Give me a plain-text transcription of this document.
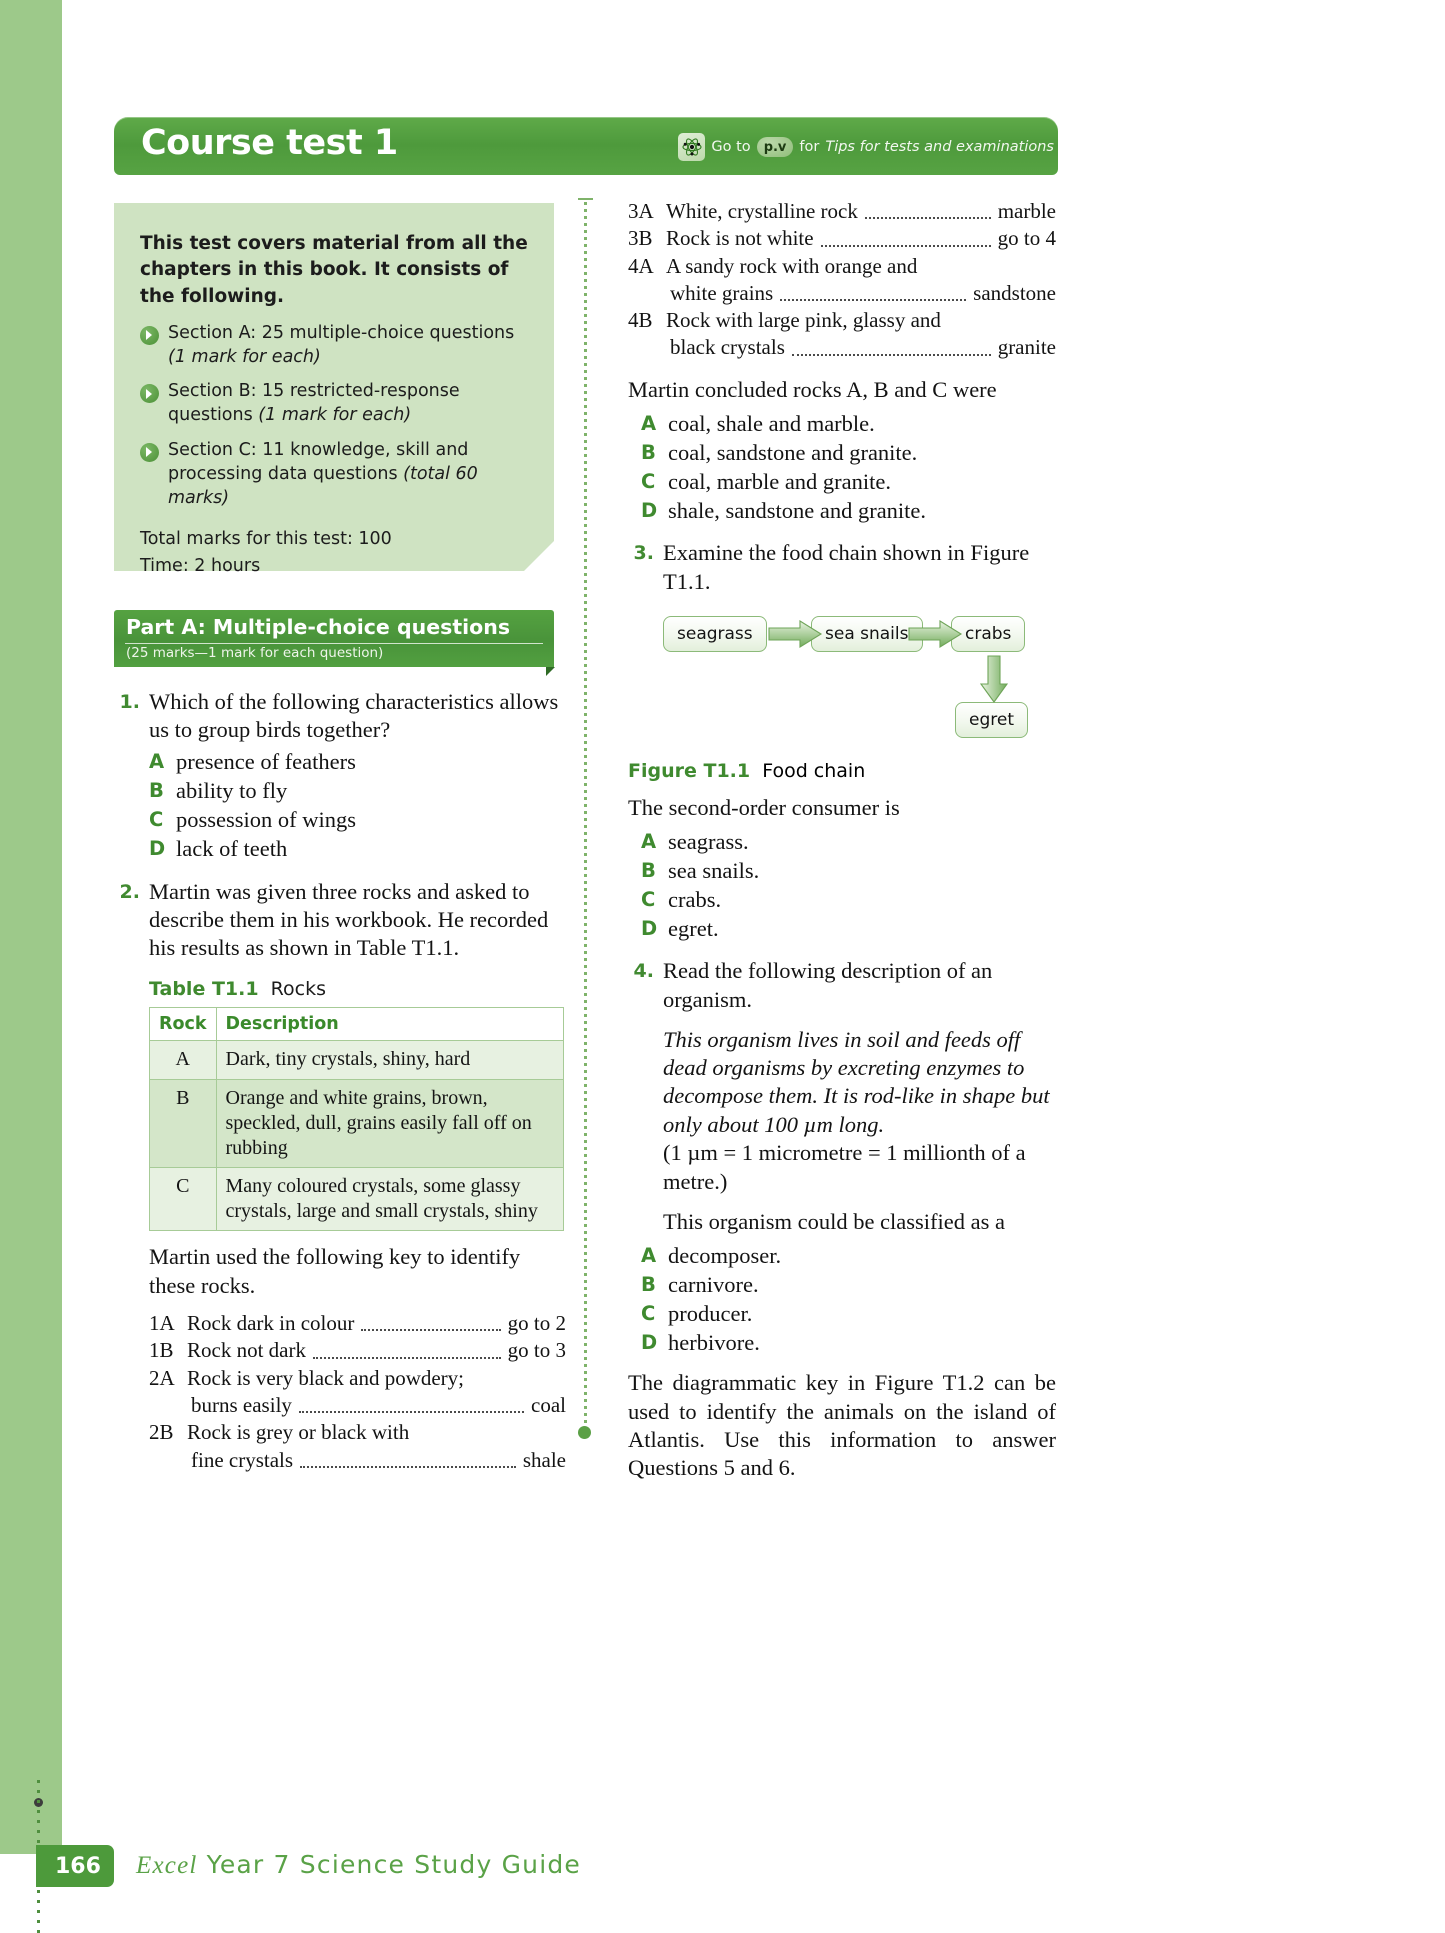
Course test 1	Go to	p.v for Tips for tests and examinations

This test covers material from all the chapters in this book. It consists of the following.

Section A: 25 multiple-choice questions (1 mark for each)
Section B: 15 restricted-response questions (1 mark for each)
Section C: 11 knowledge, skill and processing data questions (total 60 marks)
Total marks for this test: 100
Time: 2 hours
Part A: Multiple-choice questions
(25 marks—1 mark for each question)
1. Which of the following characteristics allows us to group birds together?
A presence of feathers
B ability to fly
C possession of wings
D lack of teeth
2. Martin was given three rocks and asked to describe them in his workbook. He recorded his results as shown in Table T1.1.
Table T1.1 Rocks
Rock	Description
A	Dark, tiny crystals, shiny, hard
B	Orange and white grains, brown, speckled, dull, grains easily fall off on rubbing
C	Many coloured crystals, some glassy crystals, large and small crystals, shiny

Martin used the following key to identify these rocks.

1A Rock dark in colour	go to 2
1B Rock not dark	go to 3
2A Rock is very black and powdery;
burns easily	coal
2B Rock is grey or black with
fine crystals	shale
3A White, crystalline rock	marble
3B Rock is not white	go to 4
4A A sandy rock with orange and
white grains	sandstone
4B Rock with large pink, glassy and
black crystals	granite

Martin concluded rocks A, B and C were

A coal, shale and marble.
B coal, sandstone and granite.
C coal, marble and granite.
D shale, sandstone and granite.
3. Examine the food chain shown in Figure T1.1.
seagrass	sea snails	crabs
egret
Figure T1.1 Food chain

The second-order consumer is

A seagrass.
B sea snails.
C crabs.
D egret.
4. Read the following description of an organism.

This organism lives in soil and feeds off dead organisms by excreting enzymes to decompose them. It is rod-like in shape but only about 100 µm long.

(1 µm = 1 micrometre = 1 millionth of a metre.)

This organism could be classified as a

A decomposer.
B carnivore.
C producer.
D herbivore.

The diagrammatic key in Figure T1.2 can be used to identify the animals on the island of Atlantis. Use this information to answer Questions 5 and 6.

166 Excel Year 7 Science Study Guide
